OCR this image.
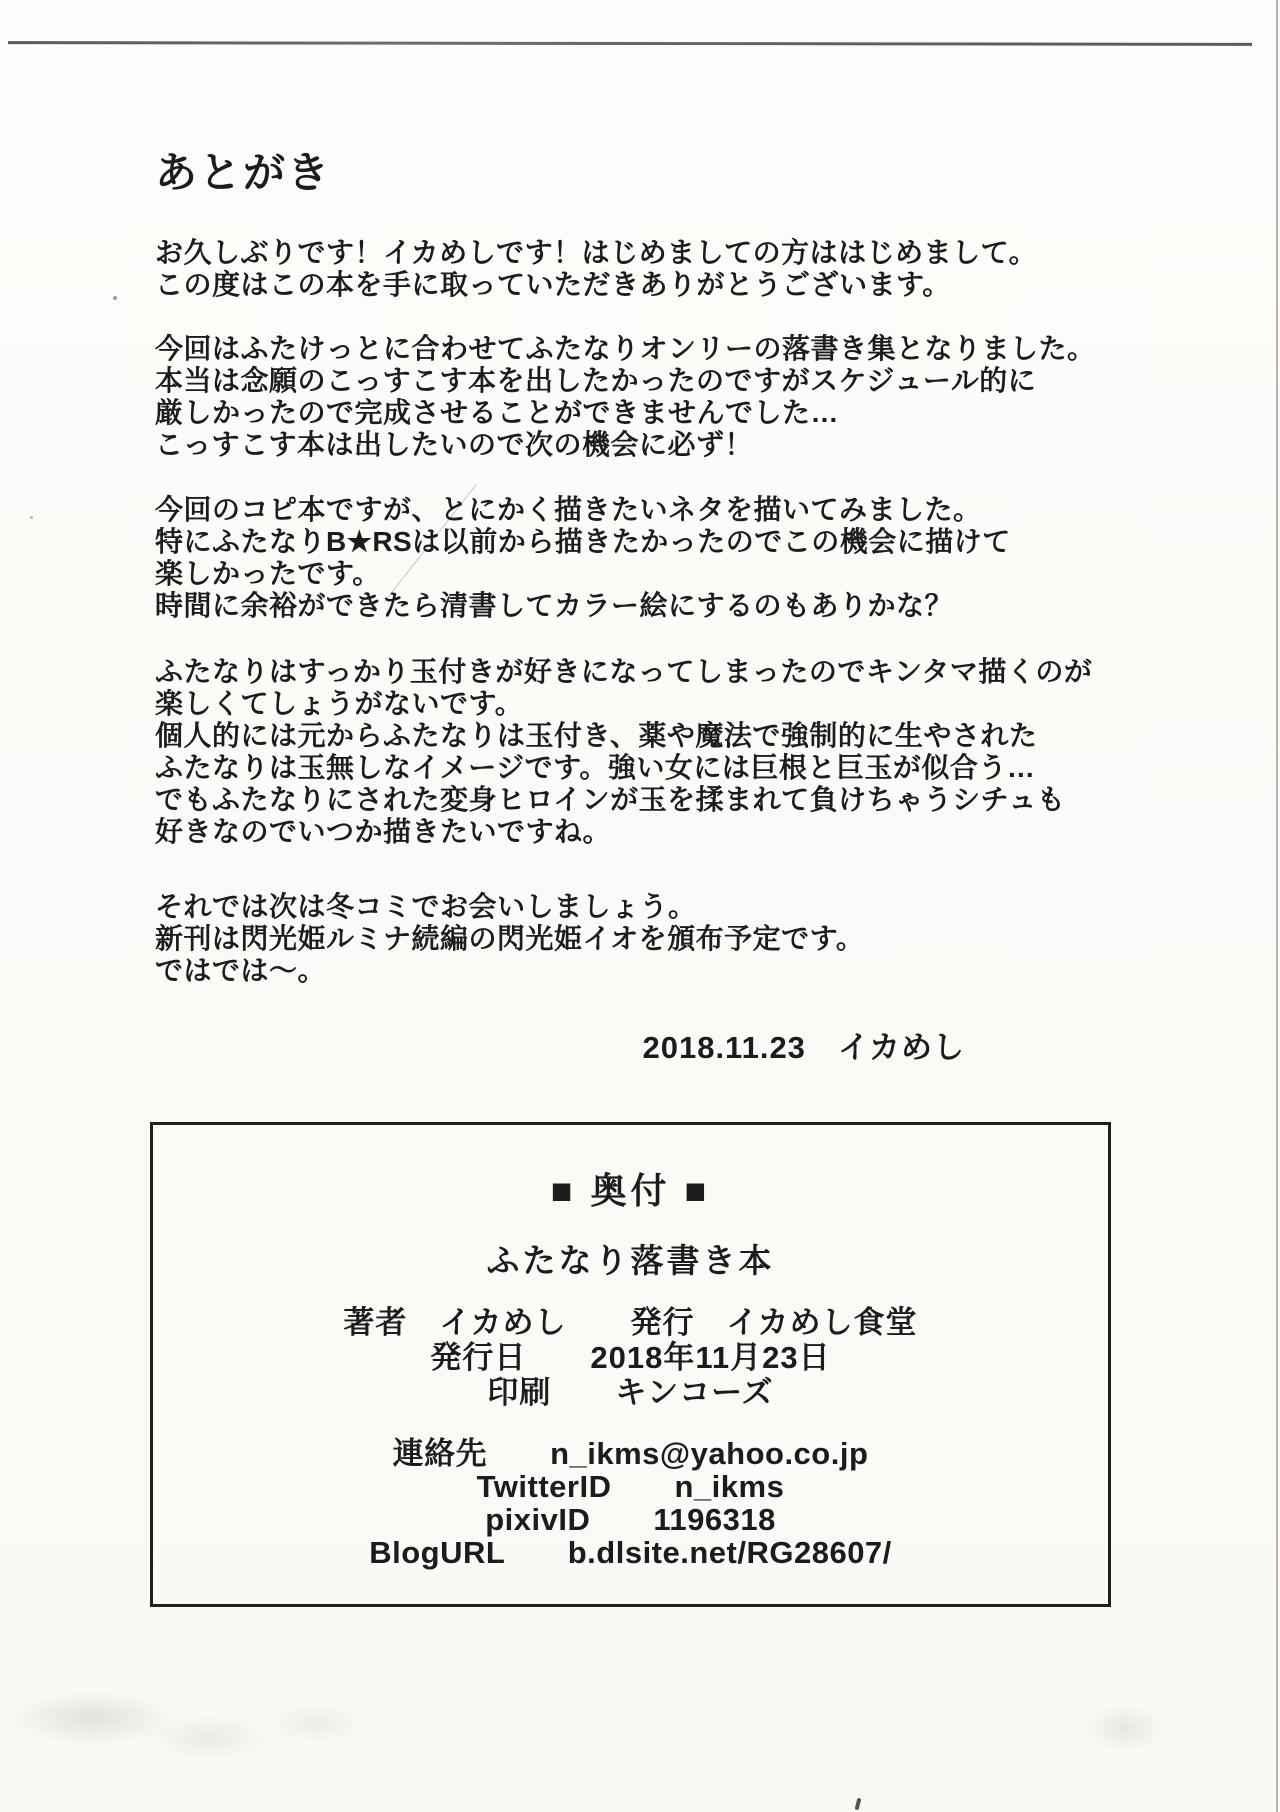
あとがき
お久しぶりです！イカめしです！はじめましての方ははじめまして。
この度はこの本を手に取っていただきありがとうございます。
今回はふたけっとに合わせてふたなりオンリーの落書き集となりました。
本当は念願のこっすこす本を出したかったのですがスケジュール的に
厳しかったので完成させることができませんでした…
こっすこす本は出したいので次の機会に必ず！
今回のコピ本ですが、とにかく描きたいネタを描いてみました。
特にふたなりB★RSは以前から描きたかったのでこの機会に描けて
楽しかったです。
時間に余裕ができたら清書してカラー絵にするのもありかな？
ふたなりはすっかり玉付きが好きになってしまったのでキンタマ描くのが
楽しくてしょうがないです。
個人的には元からふたなりは玉付き、薬や魔法で強制的に生やされた
ふたなりは玉無しなイメージです。強い女には巨根と巨玉が似合う…
でもふたなりにされた変身ヒロインが玉を揉まれて負けちゃうシチュも
好きなのでいつか描きたいですね。
それでは次は冬コミでお会いしましょう。
新刊は閃光姫ルミナ続編の閃光姫イオを頒布予定です。
ではでは〜。
2018.11.23　イカめし
■ 奥付 ■
ふたなり落書き本
著者　イカめし　　発行　イカめし食堂
発行日　　2018年11月23日
印刷　　キンコーズ
連絡先　　n_ikms@yahoo.co.jp
TwitterID　　n_ikms
pixivID　　1196318
BlogURL　　b.dlsite.net/RG28607/
